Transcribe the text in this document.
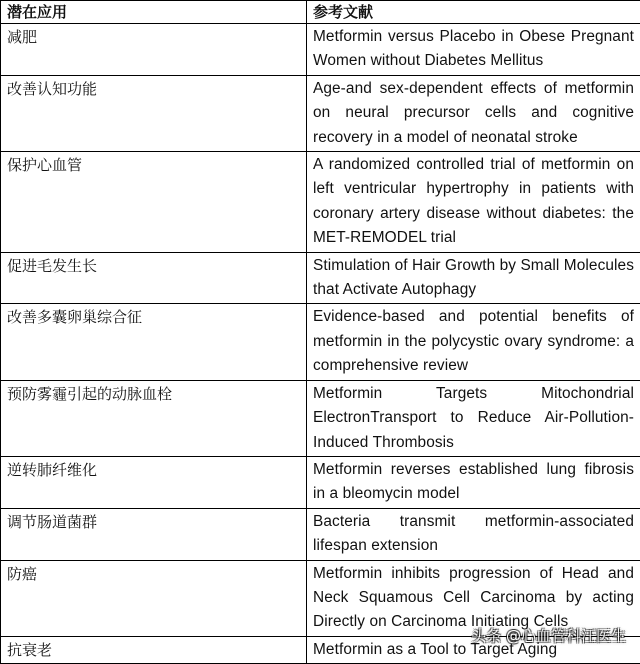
潜在应用	参考文献
减肥	Metformin versus Placebo in Obese Pregnant Women without Diabetes Mellitus
改善认知功能	Age-and sex-dependent effects of metformin on neural precursor cells and cognitive recovery in a model of neonatal stroke
保护心血管	A randomized controlled trial of metformin on left ventricular hypertrophy in patients with coronary artery disease without diabetes: the MET-REMODEL trial
促进毛发生长	Stimulation of Hair Growth by Small Molecules that Activate Autophagy
改善多囊卵巢综合征	Evidence-based and potential benefits of metformin in the polycystic ovary syndrome: a comprehensive review
预防雾霾引起的动脉血栓	Metformin Targets Mitochondrial ElectronTransport to Reduce Air-Pollution-Induced Thrombosis
逆转肺纤维化	Metformin reverses established lung fibrosis in a bleomycin model
调节肠道菌群	Bacteria transmit metformin-associated lifespan extension
防癌	Metformin inhibits progression of Head and Neck Squamous Cell Carcinoma by acting Directly on Carcinoma Initiating Cells
抗衰老	Metformin as a Tool to Target Aging
头条 @心血管科汪医生
